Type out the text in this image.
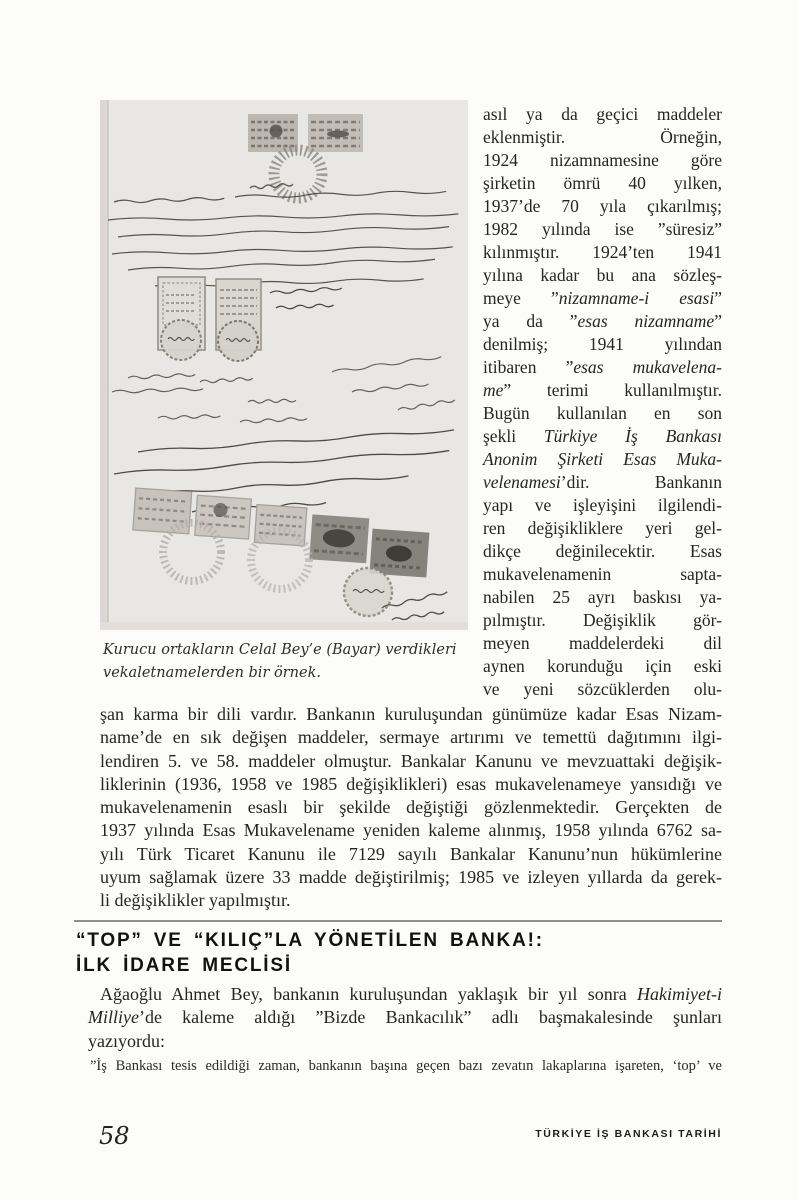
Kurucu ortakların Celal Bey’e (Bayar) verdikleri
vekaletnamelerden bir örnek.
asıl ya da geçici maddeler
eklenmiştir. Örneğin,
1924 nizamnamesine göre
şirketin ömrü 40 yılken,
1937’de 70 yıla çıkarılmış;
1982 yılında ise ”süresiz”
kılınmıştır. 1924’ten 1941
yılına kadar bu ana sözleş-
meye ”nizamname-i esasi”
ya da ”esas nizamname”
denilmiş; 1941 yılından
itibaren ”esas mukavelena-
me” terimi kullanılmıştır.
Bugün kullanılan en son
şekli Türkiye İş Bankası
Anonim Şirketi Esas Muka-
velenamesi’dir. Bankanın
yapı ve işleyişini ilgilendi-
ren değişikliklere yeri gel-
dikçe değinilecektir. Esas
mukavelenamenin sapta-
nabilen 25 ayrı baskısı ya-
pılmıştır. Değişiklik gör-
meyen maddelerdeki dil
aynen korunduğu için eski
ve yeni sözcüklerden olu-
şan karma bir dili vardır. Bankanın kuruluşundan günümüze kadar Esas Nizam-
name’de en sık değişen maddeler, sermaye artırımı ve temettü dağıtımını ilgi-
lendiren 5. ve 58. maddeler olmuştur. Bankalar Kanunu ve mevzuattaki değişik-
liklerinin (1936, 1958 ve 1985 değişiklikleri) esas mukavelenameye yansıdığı ve
mukavelenamenin esaslı bir şekilde değiştiği gözlenmektedir. Gerçekten de
1937 yılında Esas Mukavelename yeniden kaleme alınmış, 1958 yılında 6762 sa-
yılı Türk Ticaret Kanunu ile 7129 sayılı Bankalar Kanunu’nun hükümlerine
uyum sağlamak üzere 33 madde değiştirilmiş; 1985 ve izleyen yıllarda da gerek-
li değişiklikler yapılmıştır.
“TOP” VE “KILIÇ”LA YÖNETİLEN BANKA!:
İLK İDARE MECLİSİ
Ağaoğlu Ahmet Bey, bankanın kuruluşundan yaklaşık bir yıl sonra Hakimiyet-i
Milliye’de kaleme aldığı ”Bizde Bankacılık” adlı başmakalesinde şunları
yazıyordu:
”İş Bankası tesis edildiği zaman, bankanın başına geçen bazı zevatın lakaplarına işareten, ‘top’ ve
58	TÜRKİYE İŞ BANKASI TARİHİ
